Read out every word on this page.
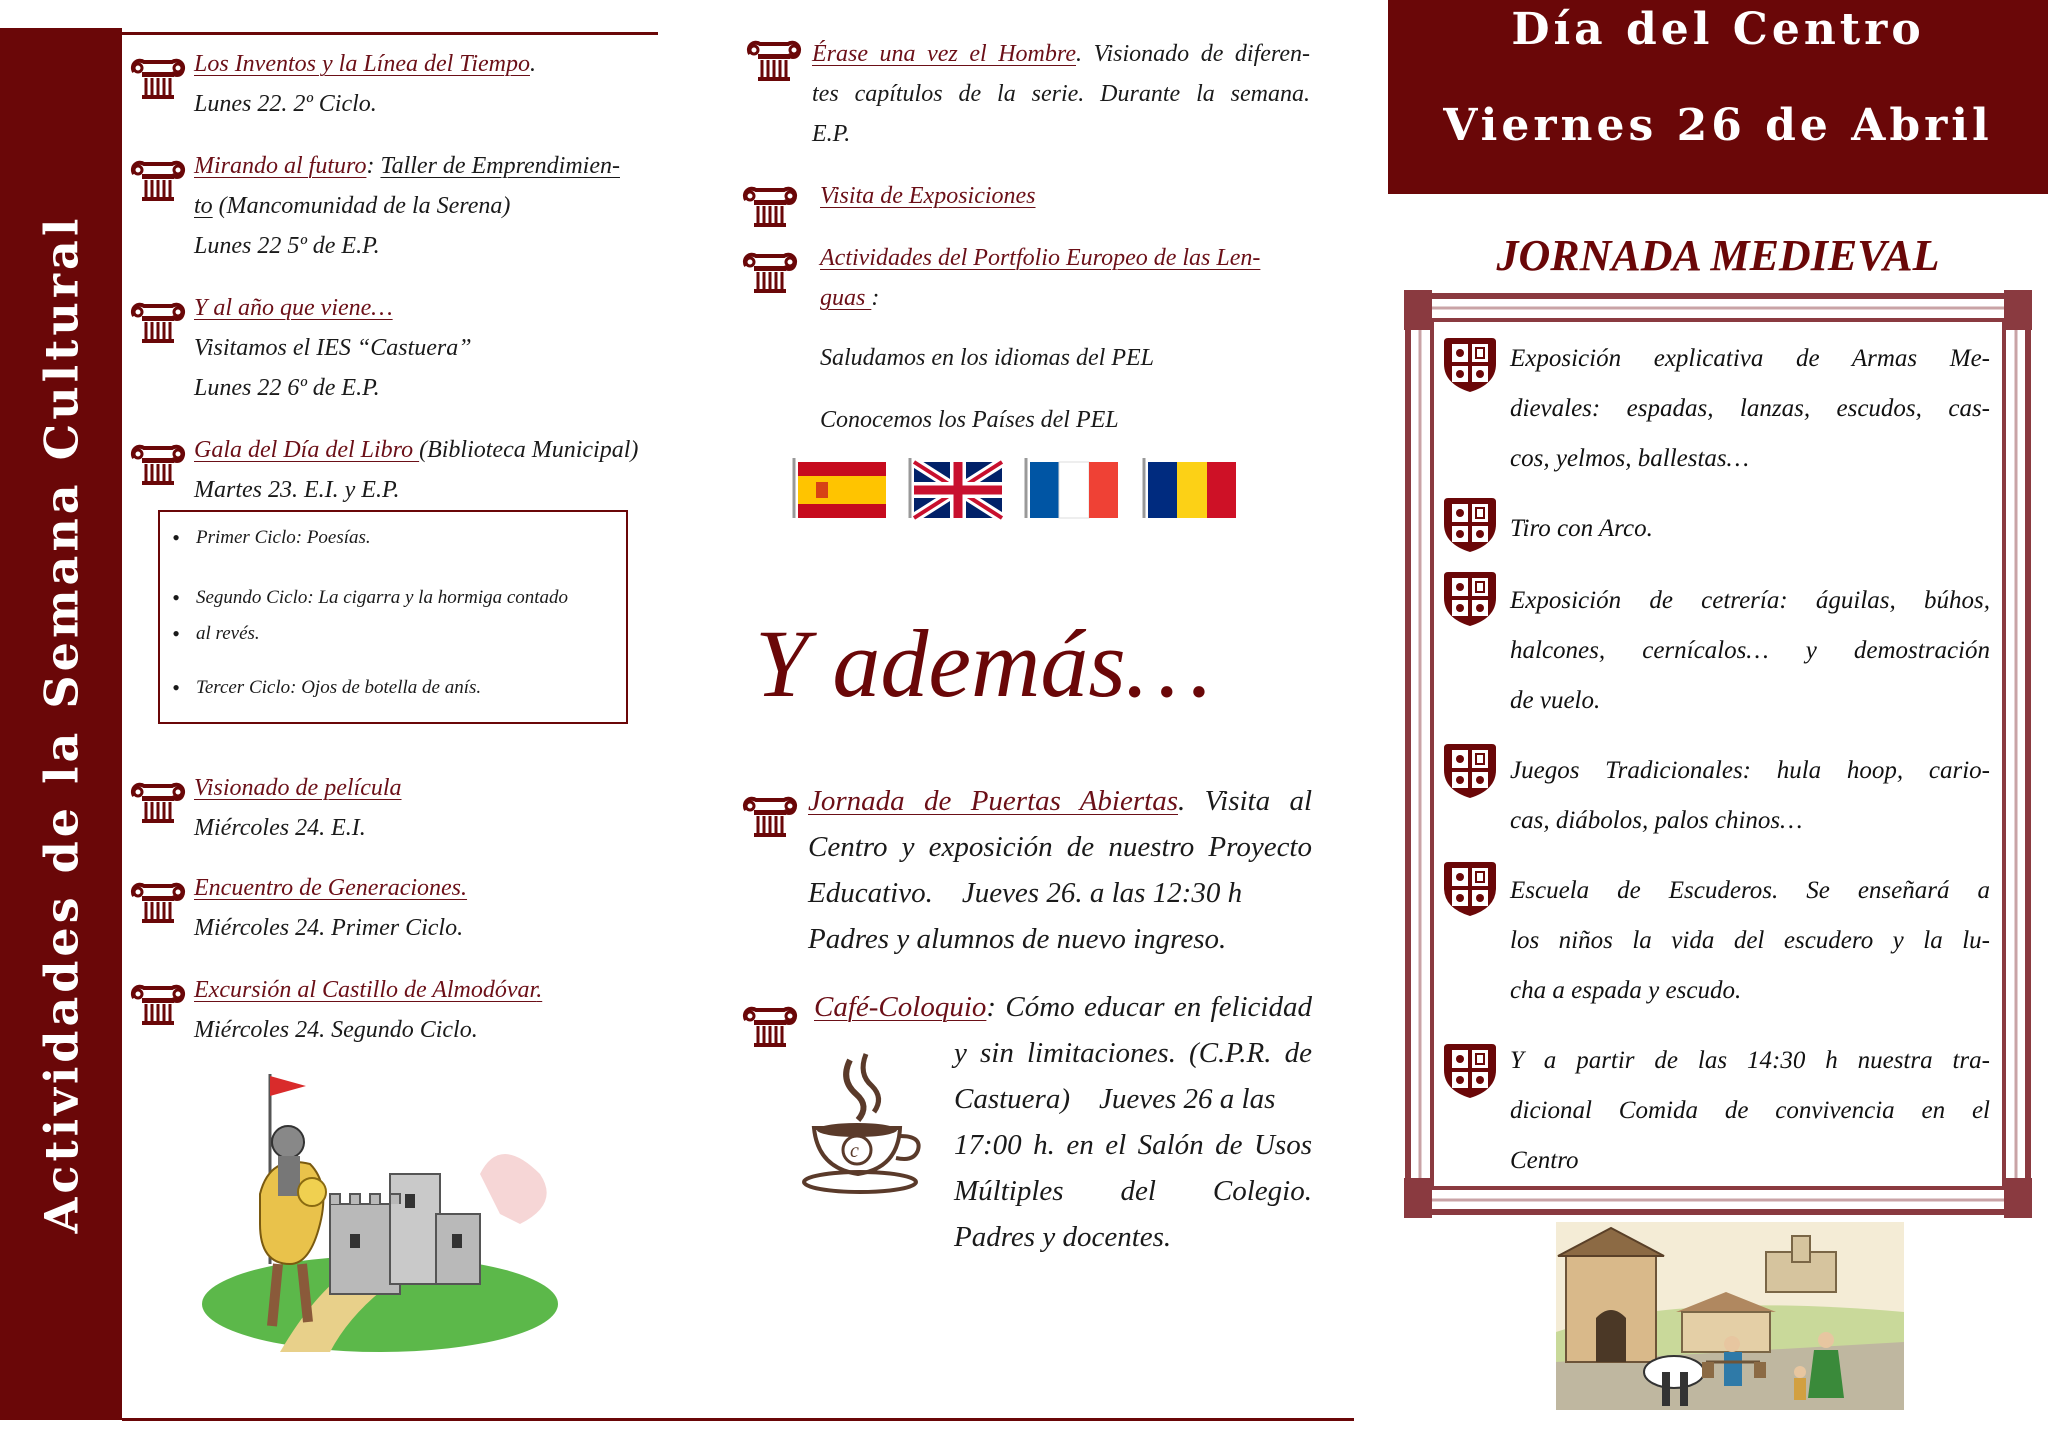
Actividades de la Semana Cultural
Los Inventos y la Línea del Tiempo.
Lunes 22. 2º Ciclo.
Mirando al futuro: Taller de Emprendimien-
to (Mancomunidad de la Serena)
Lunes 22 5º de E.P.
Y al año que viene…
Visitamos el IES “Castuera”
Lunes 22 6º de E.P.
Gala del Día del Libro (Biblioteca Municipal)
Martes 23. E.I. y E.P.
• Primer Ciclo: Poesías.
• Segundo Ciclo: La cigarra y la hormiga contado
• al revés.
• Tercer Ciclo: Ojos de botella de anís.
Visionado de película
Miércoles 24. E.I.
Encuentro de Generaciones.
Miércoles 24. Primer Ciclo.
Excursión al Castillo de Almodóvar.
Miércoles 24. Segundo Ciclo.
Érase una vez el Hombre. Visionado de diferen-
tes capítulos de la serie. Durante la semana.
E.P.
Visita de Exposiciones
Actividades del Portfolio Europeo de las Len-
guas :
Saludamos en los idiomas del PEL
Conocemos los Países del PEL
Y además…
Jornada de Puertas Abiertas. Visita al
Centro y exposición de nuestro Proyecto
Educativo.    Jueves 26. a las 12:30 h
Padres y alumnos de nuevo ingreso.
Café-Coloquio: Cómo educar en felicidad
y sin limitaciones. (C.P.R. de
Castuera)    Jueves 26 a las
17:00 h. en el Salón de Usos
Múltiples del Colegio.
Padres y docentes.
c
Día del Centro
Viernes 26 de Abril
JORNADA MEDIEVAL
Exposición explicativa de Armas Me-
dievales: espadas, lanzas, escudos, cas-
cos, yelmos, ballestas…
Tiro con Arco.
Exposición de cetrería: águilas, búhos,
halcones, cernícalos… y demostración
de vuelo.
Juegos Tradicionales: hula hoop, cario-
cas, diábolos, palos chinos…
Escuela de Escuderos. Se enseñará a
los niños la vida del escudero y la lu-
cha a espada y escudo.
Y a partir de las 14:30 h nuestra tra-
dicional Comida de convivencia en el
Centro
